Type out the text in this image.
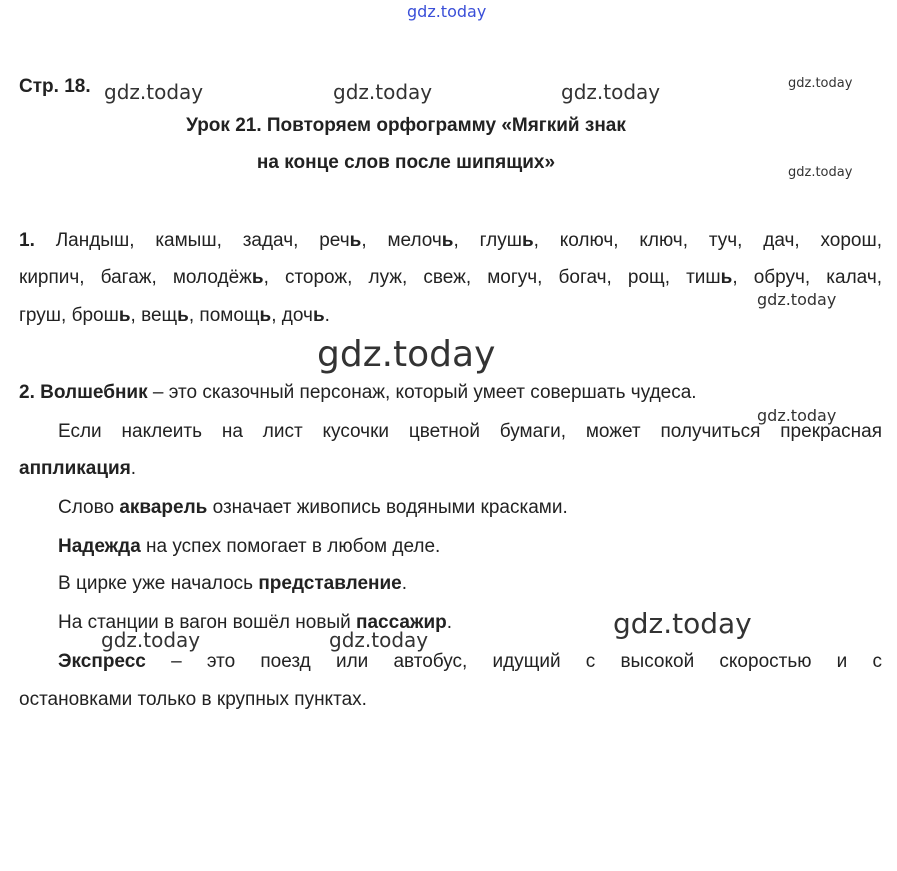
gdz.today
gdz.today	gdz.today	gdz.today	gdz.today
gdz.today
gdz.today
gdz.today
gdz.today
gdz.today
gdz.today	gdz.today
Стр. 18.
Урок 21. Повторяем орфограмму «Мягкий знак
на конце слов после шипящих»
1. Ландыш, камыш, задач, речь, мелочь, глушь, колюч, ключ, туч, дач, хорош,
кирпич, багаж, молодёжь, сторож, луж, свеж, могуч, богач, рощ, тишь, обруч, калач,
груш, брошь, вещь, помощь, дочь.
2. Волшебник – это сказочный персонаж, который умеет совершать чудеса.
Если наклеить на лист кусочки цветной бумаги, может получиться прекрасная
аппликация.
Слово акварель означает живопись водяными красками.
Надежда на успех помогает в любом деле.
В цирке уже началось представление.
На станции в вагон вошёл новый пассажир.
Экспресс – это поезд или автобус, идущий с высокой скоростью и с
остановками только в крупных пунктах.
